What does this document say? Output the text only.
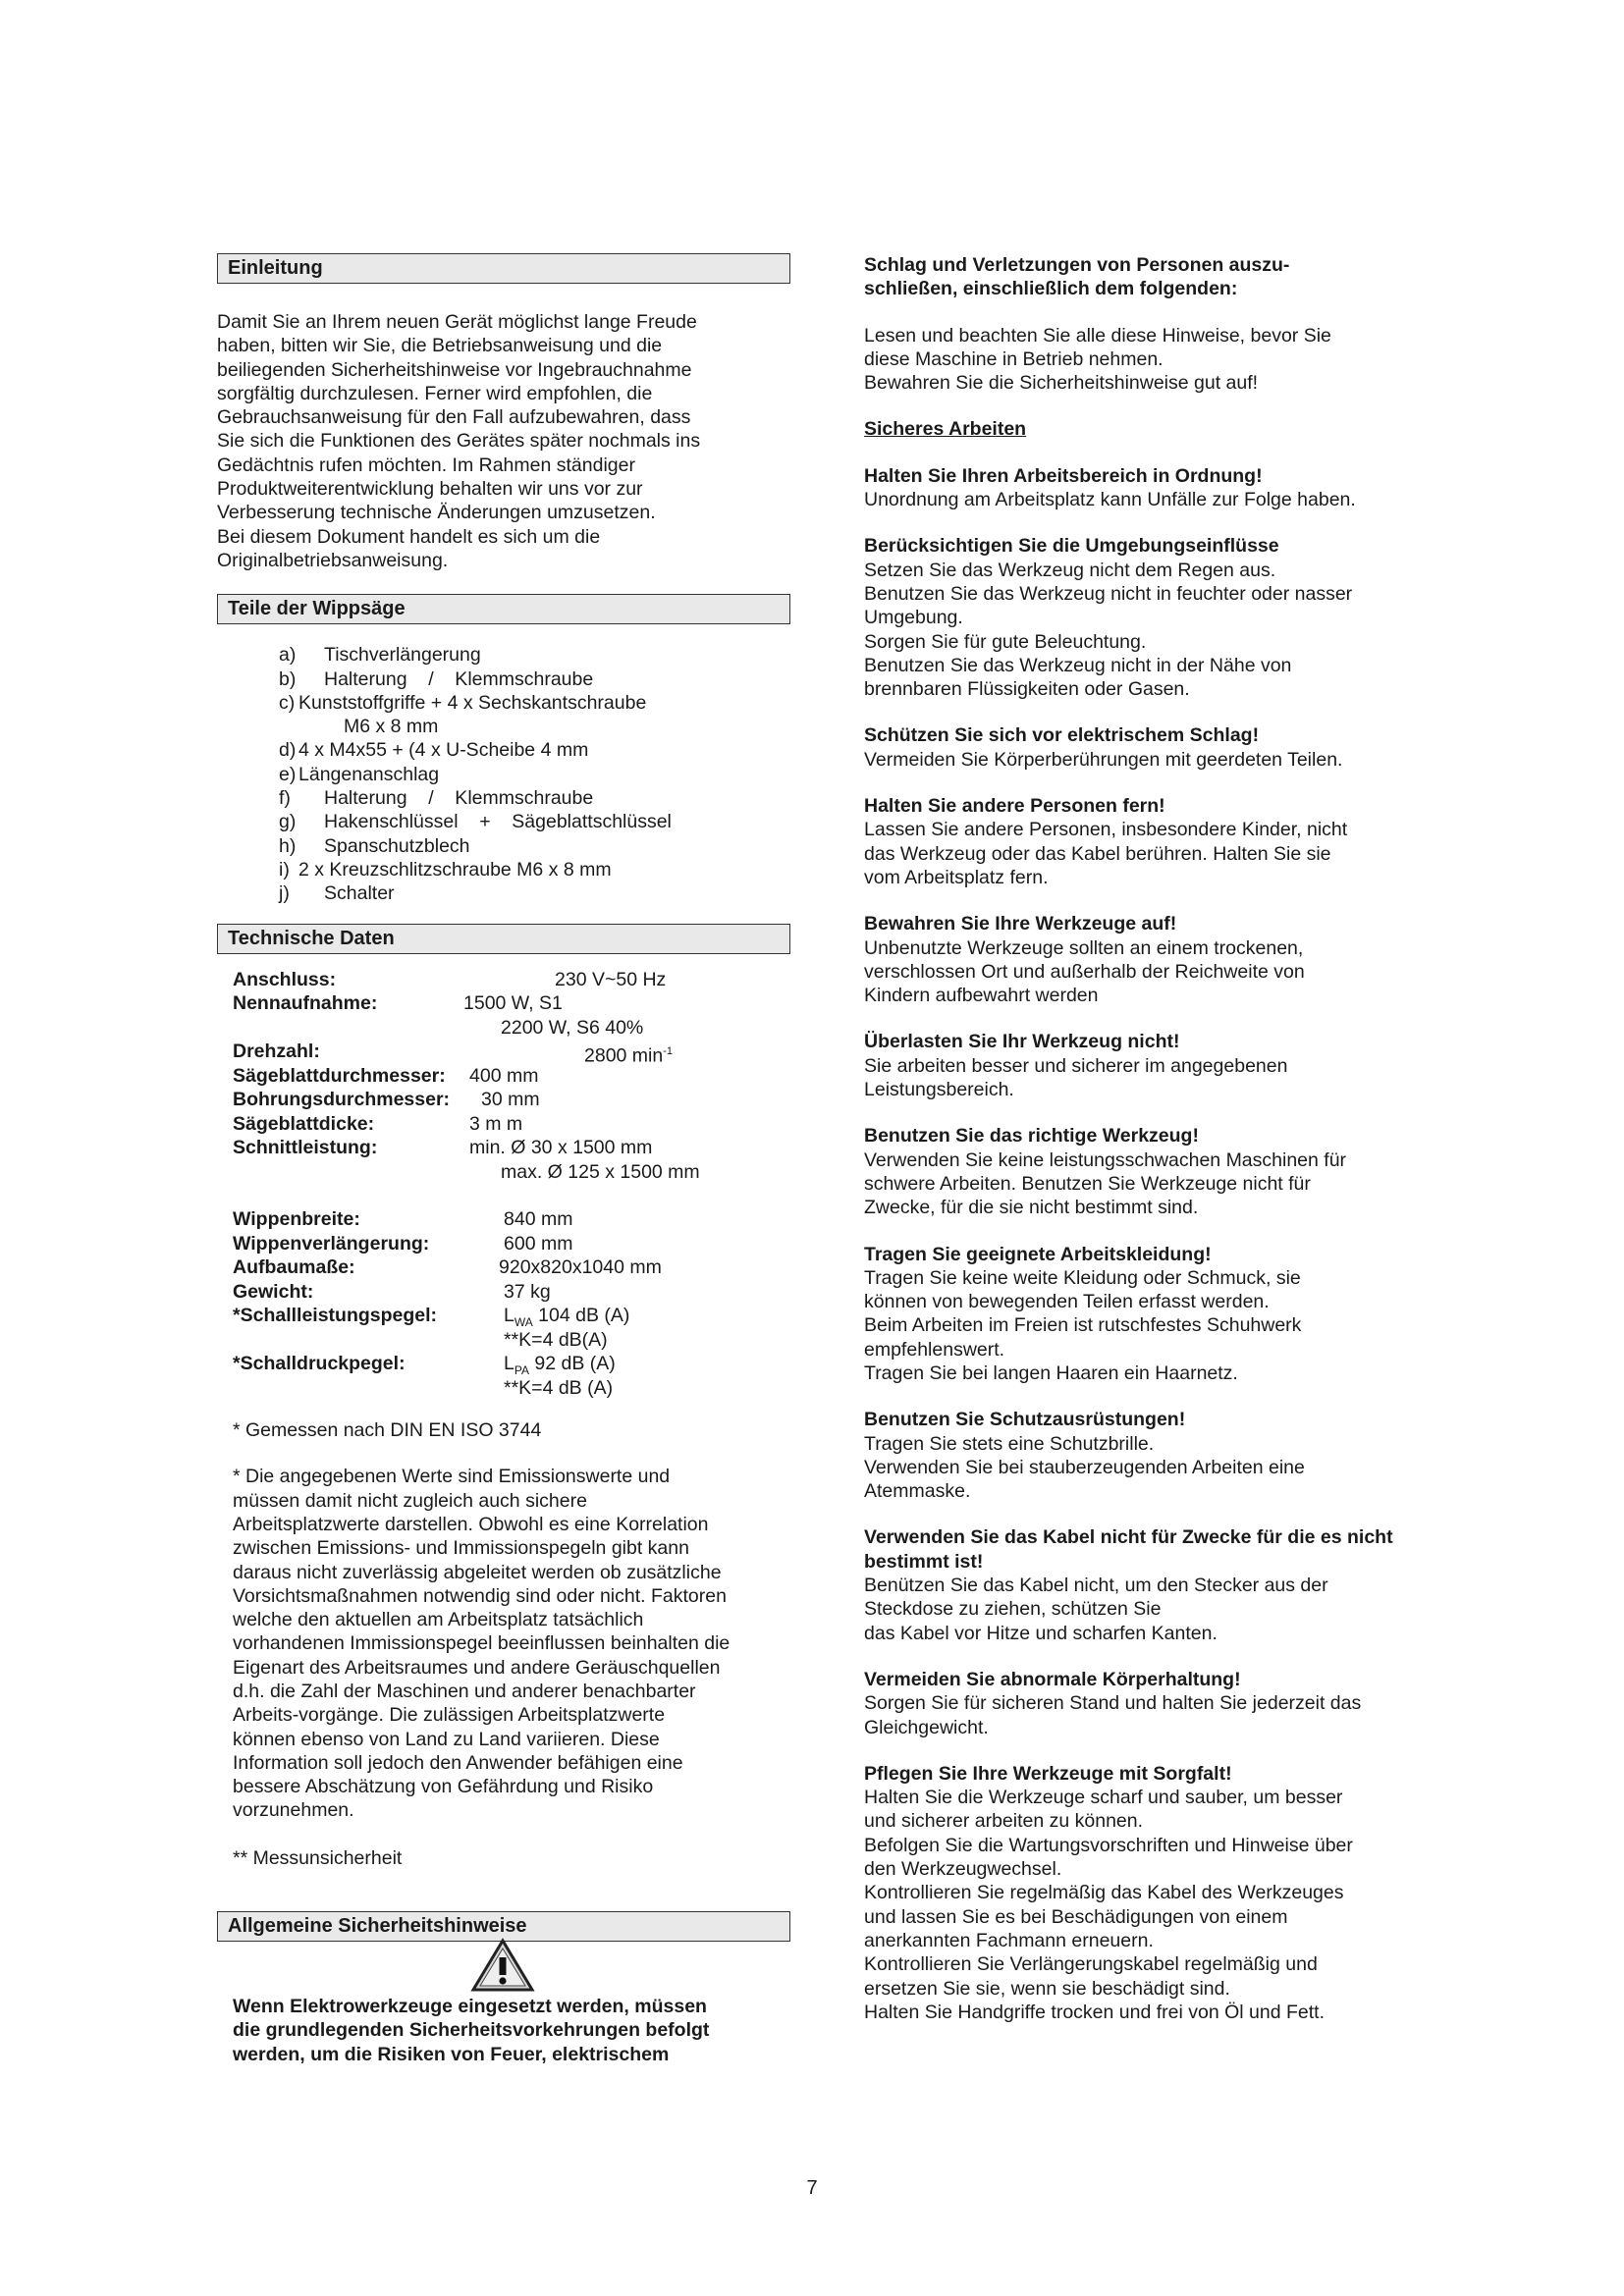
Einleitung

Damit Sie an Ihrem neuen Gerät möglichst lange Freude

haben, bitten wir Sie, die Betriebsanweisung und die

beiliegenden Sicherheitshinweise vor Ingebrauchnahme

sorgfältig durchzulesen. Ferner wird empfohlen, die

Gebrauchsanweisung für den Fall aufzubewahren, dass

Sie sich die Funktionen des Gerätes später nochmals ins

Gedächtnis rufen möchten. Im Rahmen ständiger

Produktweiterentwicklung behalten wir uns vor zur

Verbesserung technische Änderungen umzusetzen.

Bei diesem Dokument handelt es sich um die

Originalbetriebsanweisung.

Teile der Wippsäge
a) Tischverlängerung
b) Halterung    /    Klemmschraube
c) Kunststoffgriffe + 4 x Sechskantschraube
M6 x 8 mm
d) 4 x M4x55 + (4 x U-Scheibe 4 mm
e) Längenanschlag
f) Halterung    /    Klemmschraube
g) Hakenschlüssel    +    Sägeblattschlüssel
h) Spanschutzblech
i) 2 x Kreuzschlitzschraube M6 x 8 mm
j) Schalter
Technische Daten
Anschluss:	230 V~50 Hz
Nennaufnahme:	1500 W, S1
2200 W, S6 40%
Drehzahl:	2800 $\min^{-1}$
Sägeblattdurchmesser: 400 mm
Bohrungsdurchmesser: 30 mm
Sägeblattdicke:	3 m m
Schnittleistung:	min. Ø 30 x 1500 mm
max. Ø 125 x 1500 mm
Wippenbreite:	840 mm
Wippenverlängerung:	600 mm
Aufbaumaße:	920x820x1040 mm
Gewicht:	37 kg
*Schallleistungspegel:	$L_{WA}$ 104 dB (A)
**K=4 dB(A)
*Schalldruckpegel:	$L_{PA}$ 92 dB (A)
**K=4 dB (A)

* Gemessen nach DIN EN ISO 3744

* Die angegebenen Werte sind Emissionswerte und

müssen damit nicht zugleich auch sichere

Arbeitsplatzwerte darstellen. Obwohl es eine Korrelation

zwischen Emissions- und Immissionspegeln gibt kann

daraus nicht zuverlässig abgeleitet werden ob zusätzliche

Vorsichtsmaßnahmen notwendig sind oder nicht. Faktoren

welche den aktuellen am Arbeitsplatz tatsächlich

vorhandenen Immissionspegel beeinflussen beinhalten die

Eigenart des Arbeitsraumes und andere Geräuschquellen

d.h. die Zahl der Maschinen und anderer benachbarter

Arbeits-vorgänge. Die zulässigen Arbeitsplatzwerte

können ebenso von Land zu Land variieren. Diese

Information soll jedoch den Anwender befähigen eine

bessere Abschätzung von Gefährdung und Risiko

vorzunehmen.

** Messunsicherheit

Allgemeine Sicherheitshinweise

Wenn Elektrowerkzeuge eingesetzt werden, müssen

die grundlegenden Sicherheitsvorkehrungen befolgt

werden, um die Risiken von Feuer, elektrischem

Schlag und Verletzungen von Personen auszu-

schließen, einschließlich dem folgenden:

Lesen und beachten Sie alle diese Hinweise, bevor Sie

diese Maschine in Betrieb nehmen.

Bewahren Sie die Sicherheitshinweise gut auf!

Sicheres Arbeiten

Halten Sie Ihren Arbeitsbereich in Ordnung!

Unordnung am Arbeitsplatz kann Unfälle zur Folge haben.

Berücksichtigen Sie die Umgebungseinflüsse

Setzen Sie das Werkzeug nicht dem Regen aus.

Benutzen Sie das Werkzeug nicht in feuchter oder nasser

Umgebung.

Sorgen Sie für gute Beleuchtung.

Benutzen Sie das Werkzeug nicht in der Nähe von

brennbaren Flüssigkeiten oder Gasen.

Schützen Sie sich vor elektrischem Schlag!

Vermeiden Sie Körperberührungen mit geerdeten Teilen.

Halten Sie andere Personen fern!

Lassen Sie andere Personen, insbesondere Kinder, nicht

das Werkzeug oder das Kabel berühren. Halten Sie sie

vom Arbeitsplatz fern.

Bewahren Sie Ihre Werkzeuge auf!

Unbenutzte Werkzeuge sollten an einem trockenen,

verschlossen Ort und außerhalb der Reichweite von

Kindern aufbewahrt werden

Überlasten Sie Ihr Werkzeug nicht!

Sie arbeiten besser und sicherer im angegebenen

Leistungsbereich.

Benutzen Sie das richtige Werkzeug!

Verwenden Sie keine leistungsschwachen Maschinen für

schwere Arbeiten. Benutzen Sie Werkzeuge nicht für

Zwecke, für die sie nicht bestimmt sind.

Tragen Sie geeignete Arbeitskleidung!

Tragen Sie keine weite Kleidung oder Schmuck, sie

können von bewegenden Teilen erfasst werden.

Beim Arbeiten im Freien ist rutschfestes Schuhwerk

empfehlenswert.

Tragen Sie bei langen Haaren ein Haarnetz.

Benutzen Sie Schutzausrüstungen!

Tragen Sie stets eine Schutzbrille.

Verwenden Sie bei stauberzeugenden Arbeiten eine

Atemmaske.

Verwenden Sie das Kabel nicht für Zwecke für die es nicht bestimmt ist!

Benützen Sie das Kabel nicht, um den Stecker aus der

Steckdose zu ziehen, schützen Sie

das Kabel vor Hitze und scharfen Kanten.

Vermeiden Sie abnormale Körperhaltung!

Sorgen Sie für sicheren Stand und halten Sie jederzeit das

Gleichgewicht.

Pflegen Sie Ihre Werkzeuge mit Sorgfalt!

Halten Sie die Werkzeuge scharf und sauber, um besser

und sicherer arbeiten zu können.

Befolgen Sie die Wartungsvorschriften und Hinweise über

den Werkzeugwechsel.

Kontrollieren Sie regelmäßig das Kabel des Werkzeuges

und lassen Sie es bei Beschädigungen von einem

anerkannten Fachmann erneuern.

Kontrollieren Sie Verlängerungskabel regelmäßig und

ersetzen Sie sie, wenn sie beschädigt sind.

Halten Sie Handgriffe trocken und frei von Öl und Fett.

7
